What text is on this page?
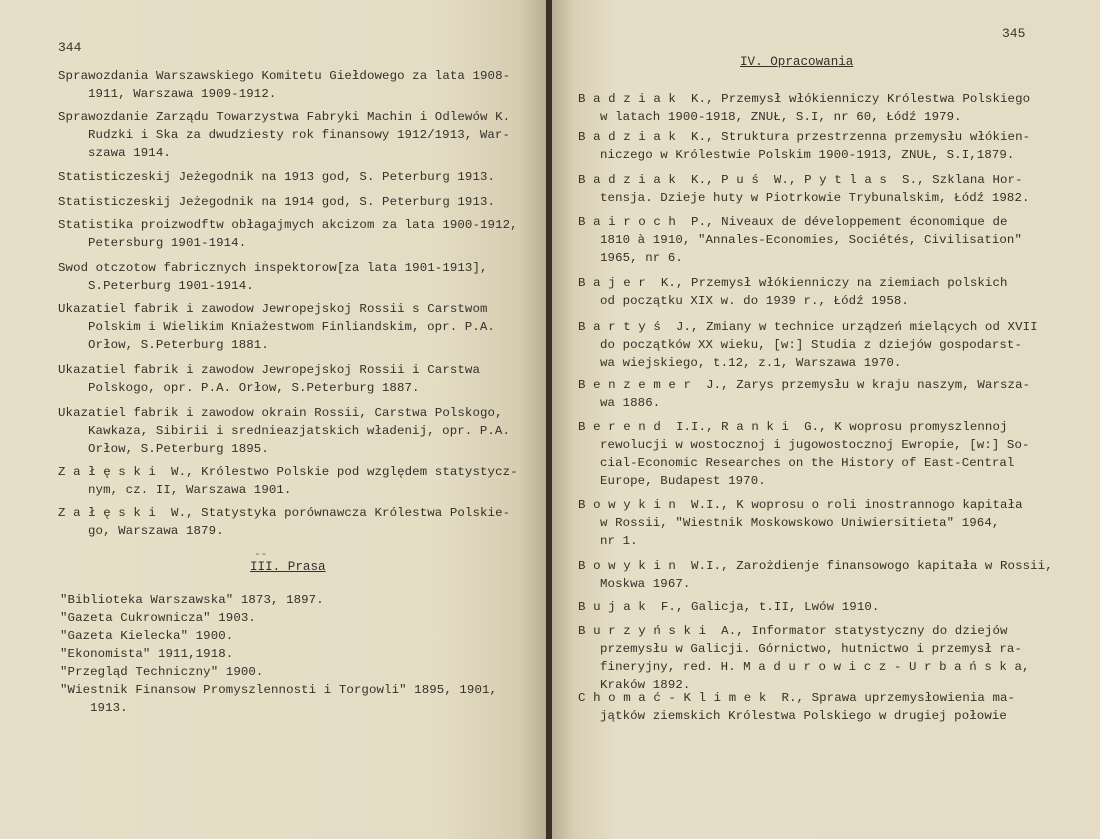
344
Sprawozdania Warszawskiego Komitetu Giełdowego za lata 1908-
1911, Warszawa 1909-1912.
Sprawozdanie Zarządu Towarzystwa Fabryki Machin i Odlewów K.
Rudzki i Ska za dwudziesty rok finansowy 1912/1913, War-
szawa 1914.
Statisticzeskij Jeżegodnik na 1913 god, S. Peterburg 1913.
Statisticzeskij Jeżegodnik na 1914 god, S. Peterburg 1913.
Statistika proizwodftw obłagajmych akcizom za lata 1900-1912,
Petersburg 1901-1914.
Swod otczotow fabricznych inspektorow[za lata 1901-1913],
S.Peterburg 1901-1914.
Ukazatiel fabrik i zawodow Jewropejskoj Rossii s Carstwom
Polskim i Wielikim Kniażestwom Finliandskim, opr. P.A.
Orłow, S.Peterburg 1881.
Ukazatiel fabrik i zawodow Jewropejskoj Rossii i Carstwa
Polskogo, opr. P.A. Orłow, S.Peterburg 1887.
Ukazatiel fabrik i zawodow okrain Rossii, Carstwa Polskogo,
Kawkaza, Sibirii i srednieazjatskich władenij, opr. P.A.
Orłow, S.Peterburg 1895.
Z a ł ę s k i  W., Królestwo Polskie pod względem statystycz-
nym, cz. II, Warszawa 1901.
Z a ł ę s k i  W., Statystyka porównawcza Królestwa Polskie-
go, Warszawa 1879.
--
III. Prasa
"Biblioteka Warszawska" 1873, 1897.
"Gazeta Cukrownicza" 1903.
"Gazeta Kielecka" 1900.
"Ekonomista" 1911,1918.
"Przegląd Techniczny" 1900.
"Wiestnik Finansow Promyszlennosti i Torgowli" 1895, 1901,
1913.
345
IV. Opracowania
B a d z i a k  K., Przemysł włókienniczy Królestwa Polskiego
w latach 1900-1918, ZNUŁ, S.I, nr 60, Łódź 1979.
B a d z i a k  K., Struktura przestrzenna przemysłu włókien-
niczego w Królestwie Polskim 1900-1913, ZNUŁ, S.I,1879.
B a d z i a k  K., P u ś  W., P y t l a s  S., Szklana Hor-
tensja. Dzieje huty w Piotrkowie Trybunalskim, Łódź 1982.
B a i r o c h  P., Niveaux de développement économique de
1810 à 1910, "Annales-Economies, Sociétés, Civilisation"
1965, nr 6.
B a j e r  K., Przemysł włókienniczy na ziemiach polskich
od początku XIX w. do 1939 r., Łódź 1958.
B a r t y ś  J., Zmiany w technice urządzeń mielących od XVII
do początków XX wieku, [w:] Studia z dziejów gospodarst-
wa wiejskiego, t.12, z.1, Warszawa 1970.
B e n z e m e r  J., Zarys przemysłu w kraju naszym, Warsza-
wa 1886.
B e r e n d  I.I., R a n k i  G., K woprosu promyszlennoj
rewolucji w wostocznoj i jugowostocznoj Ewropie, [w:] So-
cial-Economic Researches on the History of East-Central
Europe, Budapest 1970.
B o w y k i n  W.I., K woprosu o roli inostrannogo kapitała
w Rossii, "Wiestnik Moskowskowo Uniwiersitieta" 1964,
nr 1.
B o w y k i n  W.I., Zarożdienje finansowogo kapitała w Rossii,
Moskwa 1967.
B u j a k  F., Galicja, t.II, Lwów 1910.
B u r z y ń s k i  A., Informator statystyczny do dziejów
przemysłu w Galicji. Górnictwo, hutnictwo i przemysł ra-
fineryjny, red. H. M a d u r o w i c z - U r b a ń s k a,
Kraków 1892.
C h o m a ć - K l i m e k  R., Sprawa uprzemysłowienia ma-
jątków ziemskich Królestwa Polskiego w drugiej połowie
